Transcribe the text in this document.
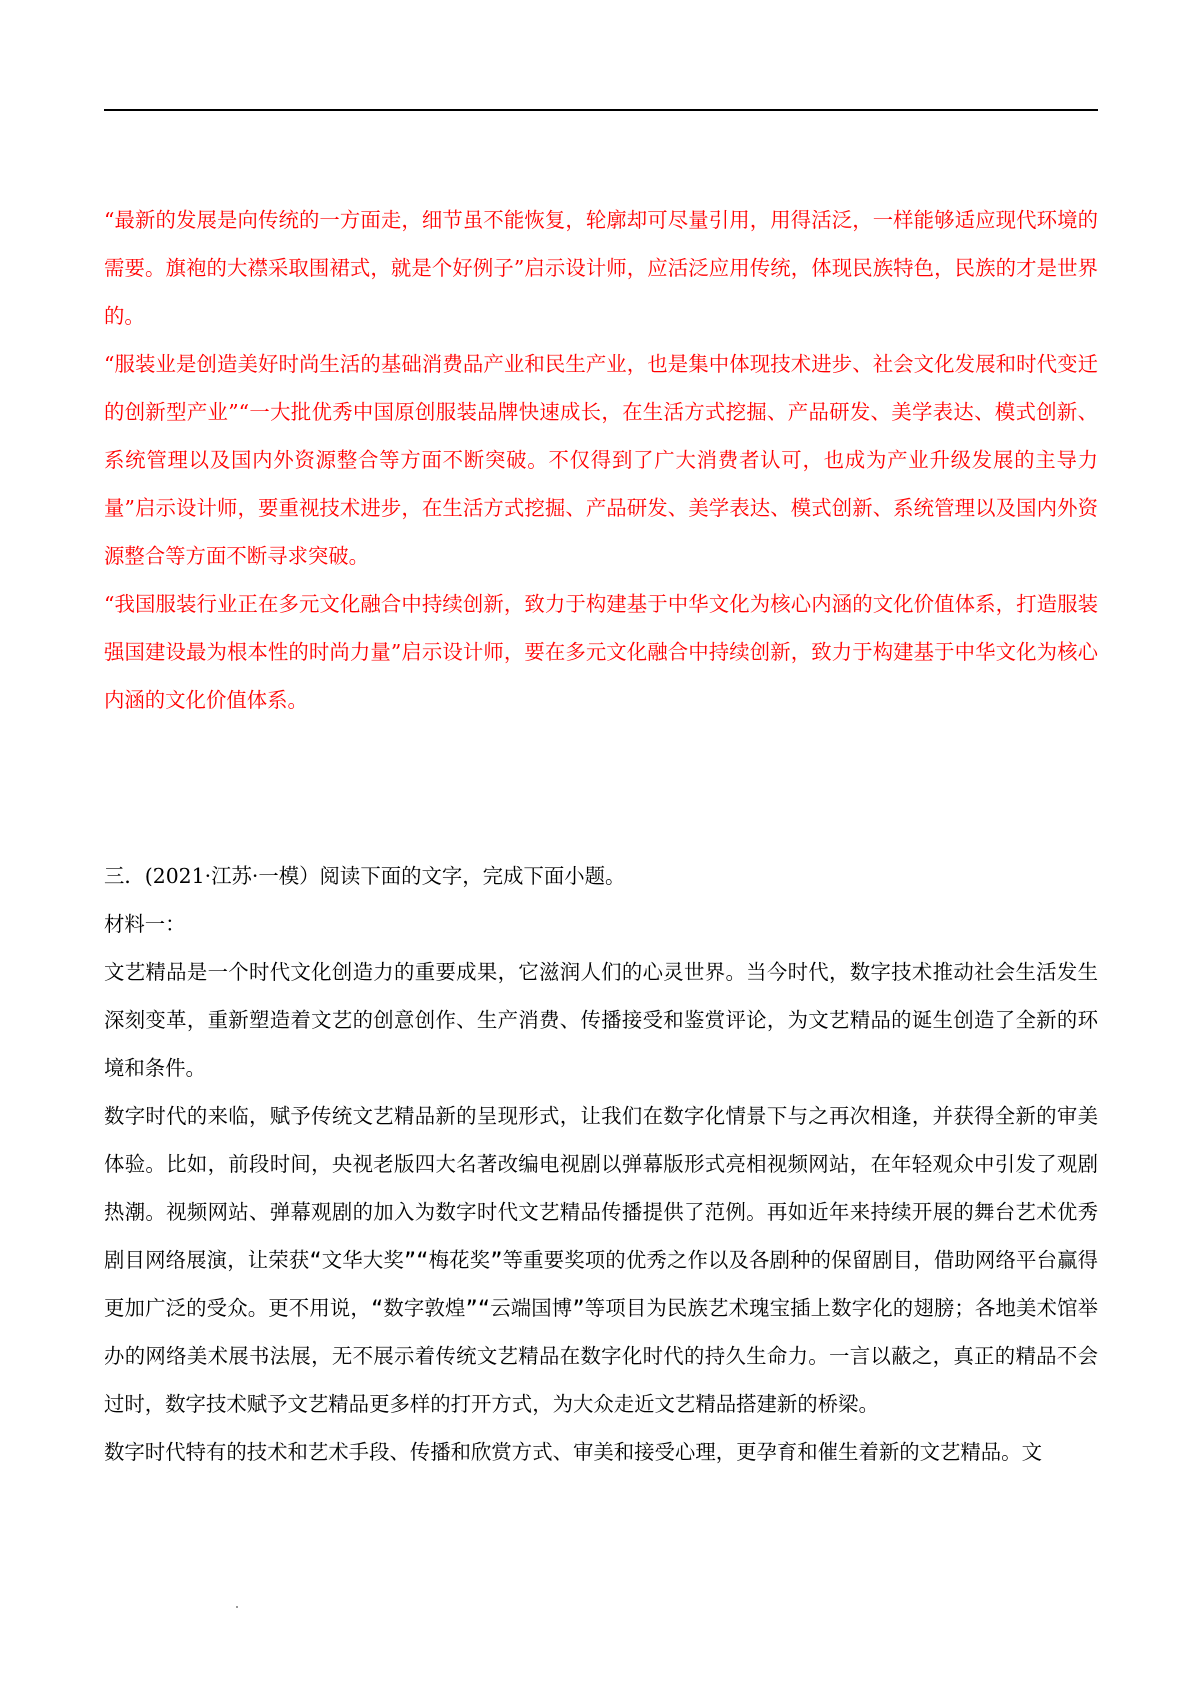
“最新的发展是向传统的一方面走，细节虽不能恢复，轮廓却可尽量引用，用得活泛，一样能够适应现代环境的需要。旗袍的大襟采取围裙式，就是个好例子”启示设计师，应活泛应用传统，体现民族特色，民族的才是世界的。

“服装业是创造美好时尚生活的基础消费品产业和民生产业，也是集中体现技术进步、社会文化发展和时代变迁的创新型产业”“一大批优秀中国原创服装品牌快速成长，在生活方式挖掘、产品研发、美学表达、模式创新、系统管理以及国内外资源整合等方面不断突破。不仅得到了广大消费者认可，也成为产业升级发展的主导力量”启示设计师，要重视技术进步，在生活方式挖掘、产品研发、美学表达、模式创新、系统管理以及国内外资源整合等方面不断寻求突破。

“我国服装行业正在多元文化融合中持续创新，致力于构建基于中华文化为核心内涵的文化价值体系，打造服装强国建设最为根本性的时尚力量”启示设计师，要在多元文化融合中持续创新，致力于构建基于中华文化为核心内涵的文化价值体系。

三．(2021·江苏·一模）阅读下面的文字，完成下面小题。

材料一：

文艺精品是一个时代文化创造力的重要成果，它滋润人们的心灵世界。当今时代，数字技术推动社会生活发生深刻变革，重新塑造着文艺的创意创作、生产消费、传播接受和鉴赏评论，为文艺精品的诞生创造了全新的环境和条件。

数字时代的来临，赋予传统文艺精品新的呈现形式，让我们在数字化情景下与之再次相逢，并获得全新的审美体验。比如，前段时间，央视老版四大名著改编电视剧以弹幕版形式亮相视频网站，在年轻观众中引发了观剧热潮。视频网站、弹幕观剧的加入为数字时代文艺精品传播提供了范例。再如近年来持续开展的舞台艺术优秀剧目网络展演，让荣获“文华大奖”“梅花奖”等重要奖项的优秀之作以及各剧种的保留剧目，借助网络平台赢得更加广泛的受众。更不用说，“数字敦煌”“云端国博”等项目为民族艺术瑰宝插上数字化的翅膀；各地美术馆举办的网络美术展书法展，无不展示着传统文艺精品在数字化时代的持久生命力。一言以蔽之，真正的精品不会过时，数字技术赋予文艺精品更多样的打开方式，为大众走近文艺精品搭建新的桥梁。

数字时代特有的技术和艺术手段、传播和欣赏方式、审美和接受心理，更孕育和催生着新的文艺精品。文
